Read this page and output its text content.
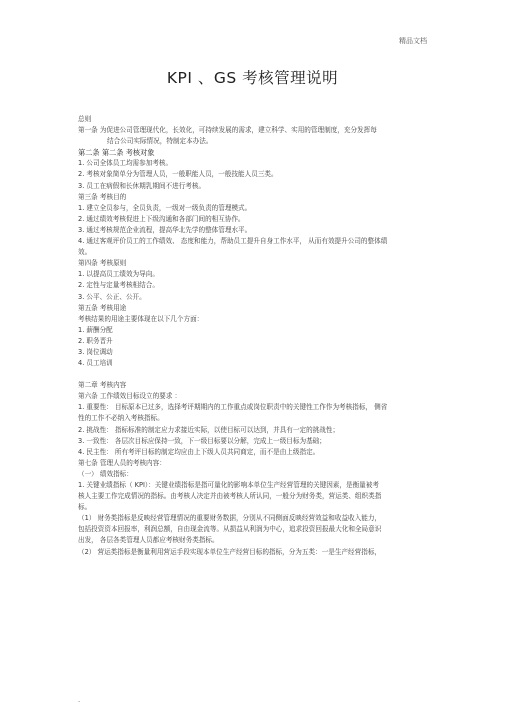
精品文档
KPI 、GS 考核管理说明
总则
第一条 为促进公司管理现代化，长效化，可持续发展的需求，建立科学、实用的管理制度，充分发挥每
结合公司实际情况，特制定本办法。
第二条 第二条 考核对象
1. 公司全体员工均需参加考核。
2. 考核对象简单分为管理人员，一般职能人员，一般技能人员三类。
3. 员工在病假和长休期乳期间不进行考核。
第三条 考核目的
1. 建立全员参与，全员负责，一级对一级负责的管理模式。
2. 通过绩效考核促进上下级沟通和各部门间的相互协作。
3. 通过考核规范企业流程，提高华北先学的整体管理水平。
4. 通过客观评价员工的工作绩效、 态度和能力，帮助员工提升自身工作水平， 从而有效提升公司的整体绩
效。
第四条 考核原则
1. 以提高员工绩效为导向。
2. 定性与定量考核相结合。
3. 公平、公正、公开。
第五条 考核用途
考核结果的用途主要体现在以下几个方面：
1. 薪酬分配
2. 职务晋升
3. 岗位调动
4. 员工培训
第二章 考核内容
第六条 工作绩效目标设立的要求 ：
1. 重要性： 目标原本已过多，选择考评期期内的工作重点或岗位职责中的关键性工作作为考核指标， 侧省
性的工作不必纳入考核指标。
2. 挑战性： 指标标准的制定应力求接近实际，以使目标可以达到，并具有一定的挑战性；
3. 一致性： 各层次目标应保持一致，下一级目标要以分解，完成上一级目标为基础；
4. 民主性： 所有考评目标的制定均应由上下级人员共同商定，而不是由上级指定。
第七条 管理人员的考核内容：
（一） 绩效指标：
1. 关键业绩指标（ KPI）：关键业绩指标是指可量化的影响本单位生产经营管理的关键因素，是衡量被考
核人主要工作完成情况的指标。由考核人决定并由被考核人所认同，一般分为财务类，营运类、组织类指
标。
（1） 财务类指标是反映经营管理情况的重要财务数据，分别从不同侧面反映经营效益和收益收入能力，
包括投资资本回报率，利润总额，自由现金流等。从损益从利润为中心，追求投资回报最大化和全局意识
出发， 各层各类管理人员都应考核财务类指标。
（2） 营运类指标是衡量利用营运手段实现本单位生产经营目标的指标，分为五类：一是生产经营指标，
.
